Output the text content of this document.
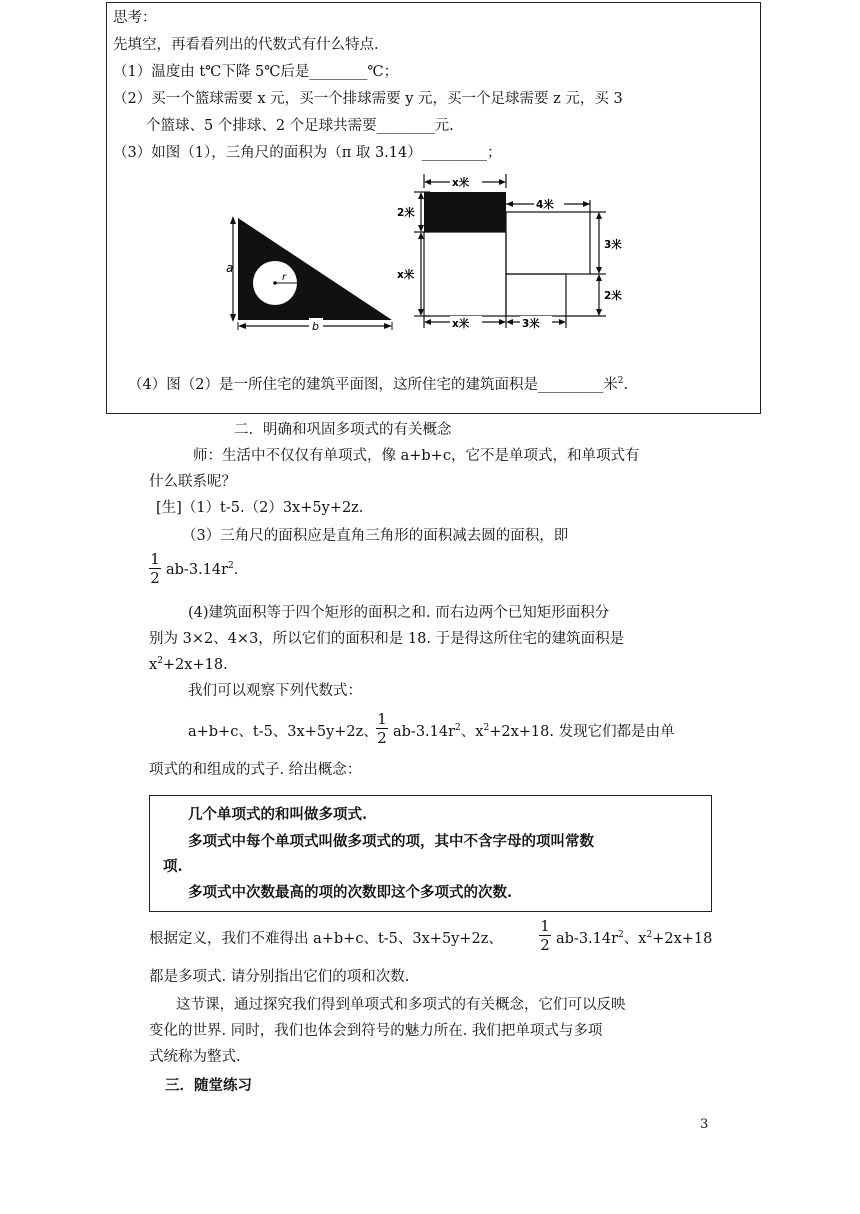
思考：
先填空，再看看列出的代数式有什么特点.
（1）温度由 t℃下降 5℃后是________℃；
（2）买一个篮球需要 x 元，买一个排球需要 y 元，买一个足球需要 z 元，买 3
个篮球、5 个排球、2 个足球共需要________元.
（3）如图（1），三角尺的面积为（π 取 3.14）_________；
a
r
b
x米
2米
x米
4米
3米
2米
x米	3米
（4）图（2）是一所住宅的建筑平面图，这所住宅的建筑面积是_________米$^2$.
二．明确和巩固多项式的有关概念
师：生活中不仅仅有单项式，像 a+b+c，它不是单项式，和单项式有
什么联系呢？
[生]（1）t-5.（2）3x+5y+2z.
（3）三角尺的面积应是直角三角形的面积减去圆的面积，即
$\frac{1}{2} ab-3.14r^2$.
(4)建筑面积等于四个矩形的面积之和. 而右边两个已知矩形面积分
别为 3×2、4×3，所以它们的面积和是 18. 于是得这所住宅的建筑面积是
$x^2+2x+18$.
我们可以观察下列代数式：
a+b+c、t-5、3x+5y+2z、
$\frac{1}{2} ab-3.14r^2$、$x^2+2x+18$. 发现它们都是由单
项式的和组成的式子. 给出概念：
几个单项式的和叫做多项式.
多项式中每个单项式叫做多项式的项，其中不含字母的项叫常数
项.
多项式中次数最高的项的次数即这个多项式的次数.
根据定义，我们不难得出 a+b+c、t-5、3x+5y+2z、 $\frac{1}{2} ab-3.14r^2$、$x^2+2x+18$
都是多项式. 请分别指出它们的项和次数.
这节课，通过探究我们得到单项式和多项式的有关概念，它们可以反映
变化的世界. 同时，我们也体会到符号的魅力所在. 我们把单项式与多项
式统称为整式.
三．随堂练习
3
